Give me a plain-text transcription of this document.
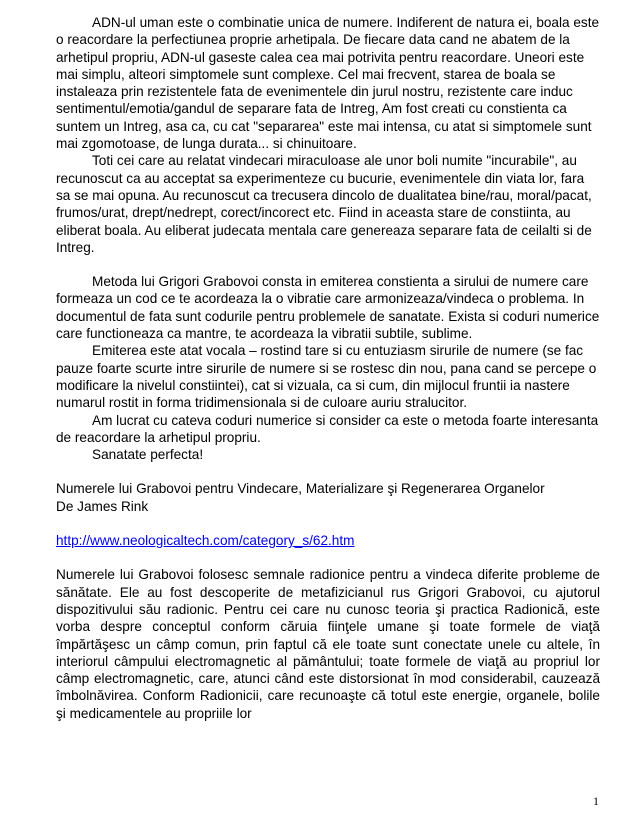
ADN-ul uman este o combinatie unica de numere. Indiferent de natura ei, boala este o reacordare la perfectiunea proprie arhetipala. De fiecare data cand ne abatem de la arhetipul propriu, ADN-ul gaseste calea cea mai potrivita pentru reacordare. Uneori este mai simplu, alteori simptomele sunt complexe. Cel mai frecvent, starea de boala se instaleaza prin rezistentele fata de evenimentele din jurul nostru, rezistente care induc sentimentul/emotia/gandul de separare fata de Intreg, Am fost creati cu constienta ca suntem un Intreg, asa ca, cu cat "separarea" este mai intensa, cu atat si simptomele sunt mai zgomotoase, de lunga durata... si chinuitoare.

Toti cei care au relatat vindecari miraculoase ale unor boli numite "incurabile", au recunoscut ca au acceptat sa experimenteze cu bucurie, evenimentele din viata lor, fara sa se mai opuna. Au recunoscut ca trecusera dincolo de dualitatea bine/rau, moral/pacat, frumos/urat, drept/nedrept, corect/incorect etc. Fiind in aceasta stare de constiinta, au eliberat boala. Au eliberat judecata mentala care genereaza separare fata de ceilalti si de Intreg.

Metoda lui Grigori Grabovoi consta in emiterea constienta a sirului de numere care formeaza un cod ce te acordeaza la o vibratie care armonizeaza/vindeca o problema. In documentul de fata sunt codurile pentru problemele de sanatate. Exista si coduri numerice care functioneaza ca mantre, te acordeaza la vibratii subtile, sublime.

Emiterea este atat vocala – rostind tare si cu entuziasm sirurile de numere (se fac pauze foarte scurte intre sirurile de numere si se rostesc din nou, pana cand se percepe o modificare la nivelul constiintei), cat si vizuala, ca si cum, din mijlocul fruntii ia nastere numarul rostit in forma tridimensionala si de culoare auriu stralucitor.

Am lucrat cu cateva coduri numerice si consider ca este o metoda foarte interesanta de reacordare la arhetipul propriu.

Sanatate perfecta!

Numerele lui Grabovoi pentru Vindecare, Materializare şi Regenerarea Organelor

De James Rink

http://www.neologicaltech.com/category_s/62.htm

Numerele lui Grabovoi folosesc semnale radionice pentru a vindeca diferite probleme de sănătate. Ele au fost descoperite de metafizicianul rus Grigori Grabovoi, cu ajutorul dispozitivului său radionic. Pentru cei care nu cunosc teoria şi practica Radionică, este vorba despre conceptul conform căruia fiinţele umane şi toate formele de viaţă împărtăşesc un câmp comun, prin faptul că ele toate sunt conectate unele cu altele, în interiorul câmpului electromagnetic al pământului; toate formele de viaţă au propriul lor câmp electromagnetic, care, atunci când este distorsionat în mod considerabil, cauzează îmbolnăvirea. Conform Radionicii, care recunoaşte că totul este energie, organele, bolile şi medicamentele au propriile lor

1
